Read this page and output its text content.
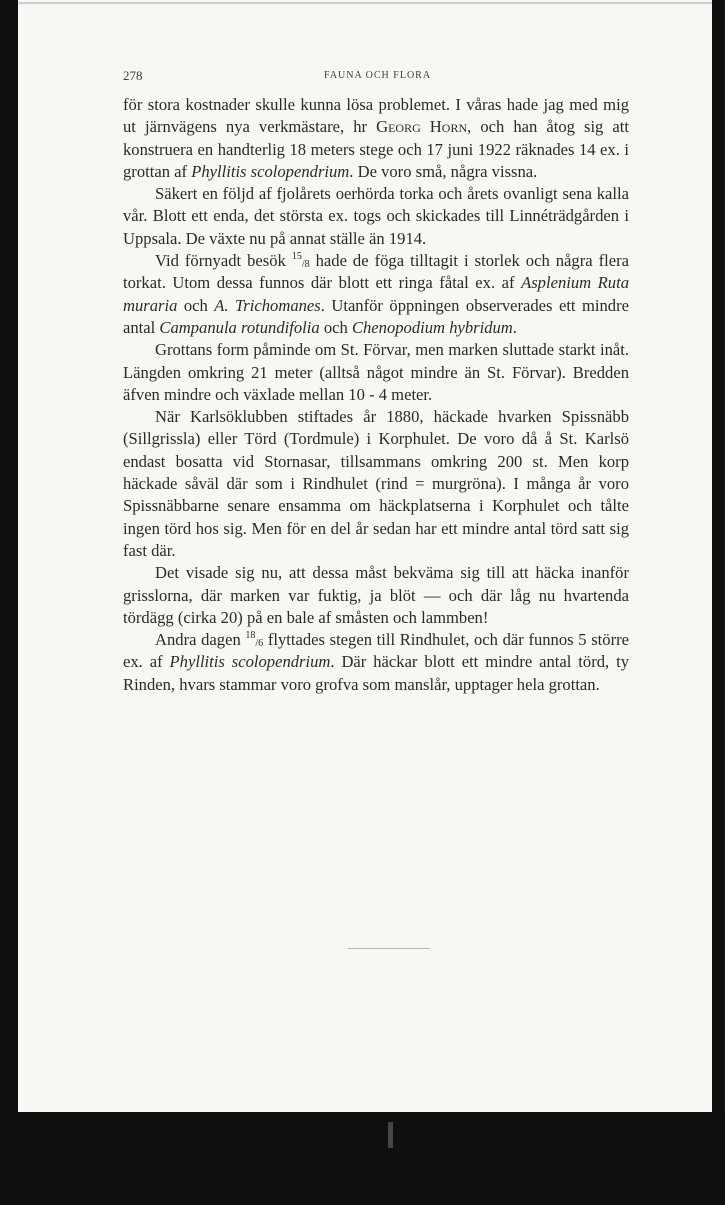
278	FAUNA OCH FLORA

för stora kostnader skulle kunna lösa problemet. I våras hade jag med mig ut järnvägens nya verkmästare, hr Georg Horn, och han åtog sig att konstruera en handterlig 18 meters stege och 17 juni 1922 räknades 14 ex. i grottan af Phyllitis scolopendrium. De voro små, några vissna.

Säkert en följd af fjolårets oerhörda torka och årets ovanligt sena kalla vår. Blott ett enda, det största ex. togs och skickades till Linnéträdgården i Uppsala. De växte nu på annat ställe än 1914.

Vid förnyadt besök $^{15}_{/8}$ hade de föga tilltagit i storlek och några flera torkat. Utom dessa funnos där blott ett ringa fåtal ex. af Asplenium Ruta muraria och A. Trichomanes. Utanför öppningen observerades ett mindre antal Campanula rotundifolia och Chenopodium hybridum.

Grottans form påminde om St. Förvar, men marken sluttade starkt inåt. Längden omkring 21 meter (alltså något mindre än St. Förvar). Bredden äfven mindre och växlade mellan 10 - 4 meter.

När Karlsöklubben stiftades år 1880, häckade hvarken Spissnäbb (Sillgrissla) eller Törd (Tordmule) i Korphulet. De voro då å St. Karlsö endast bosatta vid Stornasar, tillsammans omkring 200 st. Men korp häckade såväl där som i Rindhulet (rind = murgröna). I många år voro Spissnäbbarne senare ensamma om häckplatserna i Korphulet och tålte ingen törd hos sig. Men för en del år sedan har ett mindre antal törd satt sig fast där.

Det visade sig nu, att dessa måst bekväma sig till att häcka inanför grisslorna, där marken var fuktig, ja blöt — och där låg nu hvartenda tördägg (cirka 20) på en bale af småsten och lammben!

Andra dagen $^{18}_{/6}$ flyttades stegen till Rindhulet, och där funnos 5 större ex. af Phyllitis scolopendrium. Där häckar blott ett mindre antal törd, ty Rinden, hvars stammar voro grofva som manslår, upptager hela grottan.
